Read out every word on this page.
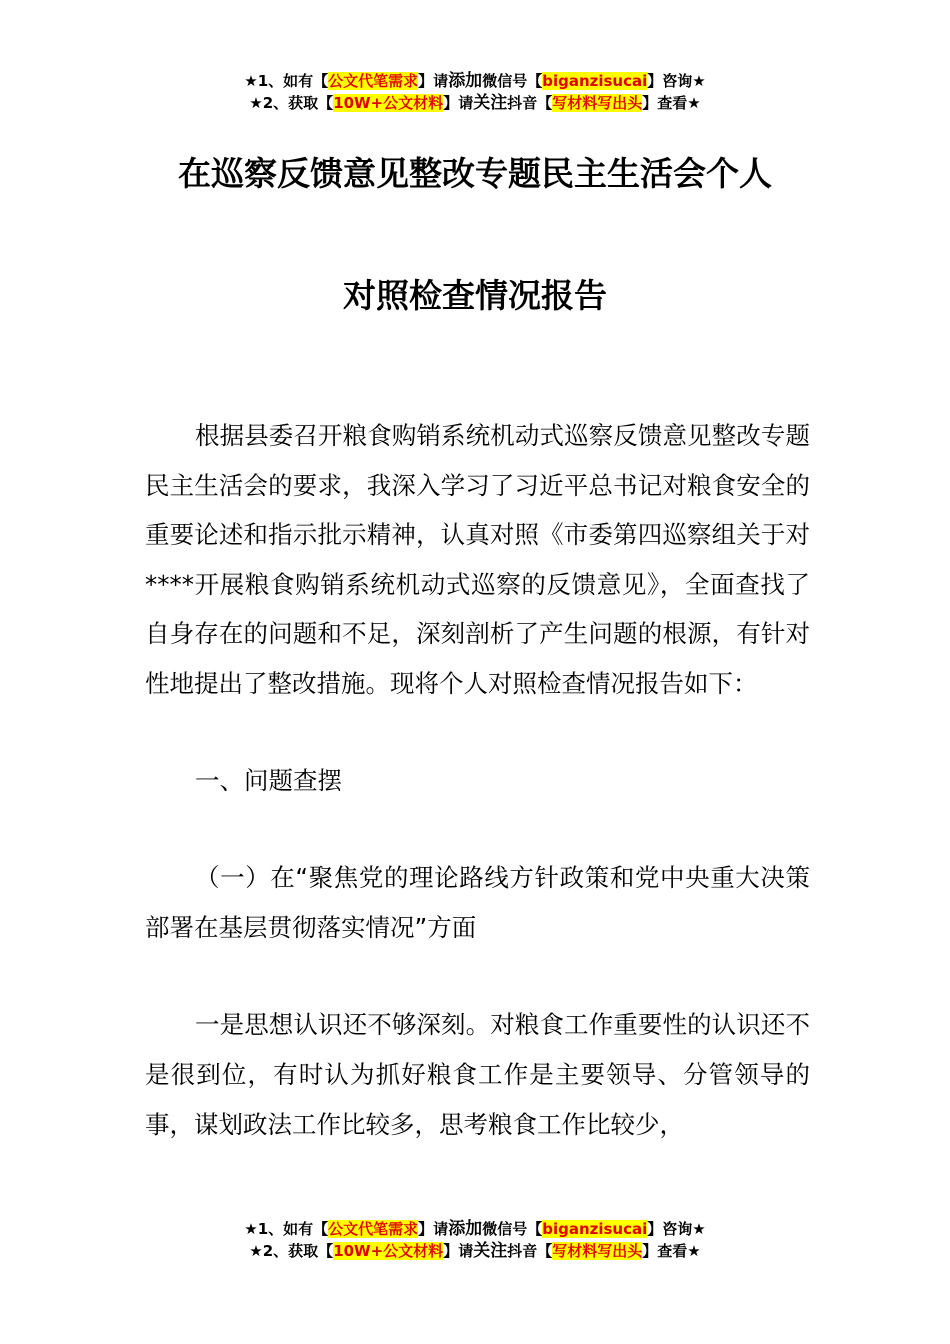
★1、如有【公文代笔需求】请添加微信号【biganzisucai】咨询★
★2、获取【10W+公文材料】请关注抖音【写材料写出头】查看★
在巡察反馈意见整改专题民主生活会个人
对照检查情况报告

根据县委召开粮食购销系统机动式巡察反馈意见整改专题民主生活会的要求，我深入学习了习近平总书记对粮食安全的重要论述和指示批示精神，认真对照《市委第四巡察组关于对****开展粮食购销系统机动式巡察的反馈意见》，全面查找了自身存在的问题和不足，深刻剖析了产生问题的根源，有针对性地提出了整改措施。现将个人对照检查情况报告如下：

一、问题查摆

（一）在“聚焦党的理论路线方针政策和党中央重大决策部署在基层贯彻落实情况”方面

一是思想认识还不够深刻。对粮食工作重要性的认识还不是很到位，有时认为抓好粮食工作是主要领导、分管领导的事，谋划政法工作比较多，思考粮食工作比较少，

★1、如有【公文代笔需求】请添加微信号【biganzisucai】咨询★
★2、获取【10W+公文材料】请关注抖音【写材料写出头】查看★
